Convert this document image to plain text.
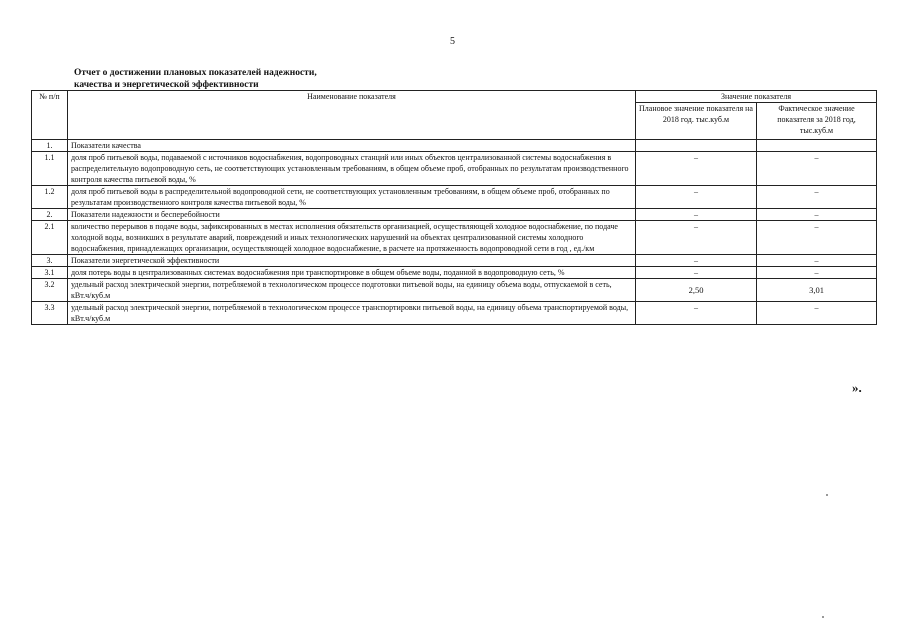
5
Отчет о достижении плановых показателей надежности,
качества и энергетической эффективности
№ п/п	Наименование показателя	Значение показателя	
		Плановое значение показателя на 2018 год. тыс.куб.м	Фактическое значение показателя за 2018 год, тыс.куб.м
1.	Показатели качества		
1.1	доля проб питьевой воды, подаваемой с источников водоснабжения, водопроводных станций или иных объектов централизованной системы водоснабжения в распределительную водопроводную сеть, не соответствующих установленным требованиям, в общем объеме проб, отобранных по результатам производственного контроля качества питьевой воды, %	–	–
1.2	доля проб питьевой воды в распределительной водопроводной сети, не соответствующих установленным требованиям, в общем объеме проб, отобранных по результатам производственного контроля качества питьевой воды, %	–	–
2.	Показатели надежности и бесперебойности	–	–
2.1	количество перерывов в подаче воды, зафиксированных в местах исполнения обязательств организацией, осуществляющей холодное водоснабжение, по подаче холодной воды, возникших в результате аварий, повреждений и иных технологических нарушений на объектах централизованной системы холодного водоснабжения, принадлежащих организации, осуществляющей холодное водоснабжение, в расчете на протяженность водопроводной сети в год , ед./км	–	–
3.	Показатели энергетической эффективности	–	–
3.1	доля потерь воды в централизованных системах водоснабжения при транспортировке в общем объеме воды, поданной в водопроводную сеть, %	–	–
3.2	удельный расход электрической энергии, потребляемой в технологическом процессе подготовки питьевой воды, на единицу объема воды, отпускаемой в сеть, кВт.ч/куб.м	2,50	3,01
3.3	удельный расход электрической энергии, потребляемой в технологическом процессе транспортировки питьевой воды, на единицу объема транспортируемой воды, кВт.ч/куб.м	–	–
».
